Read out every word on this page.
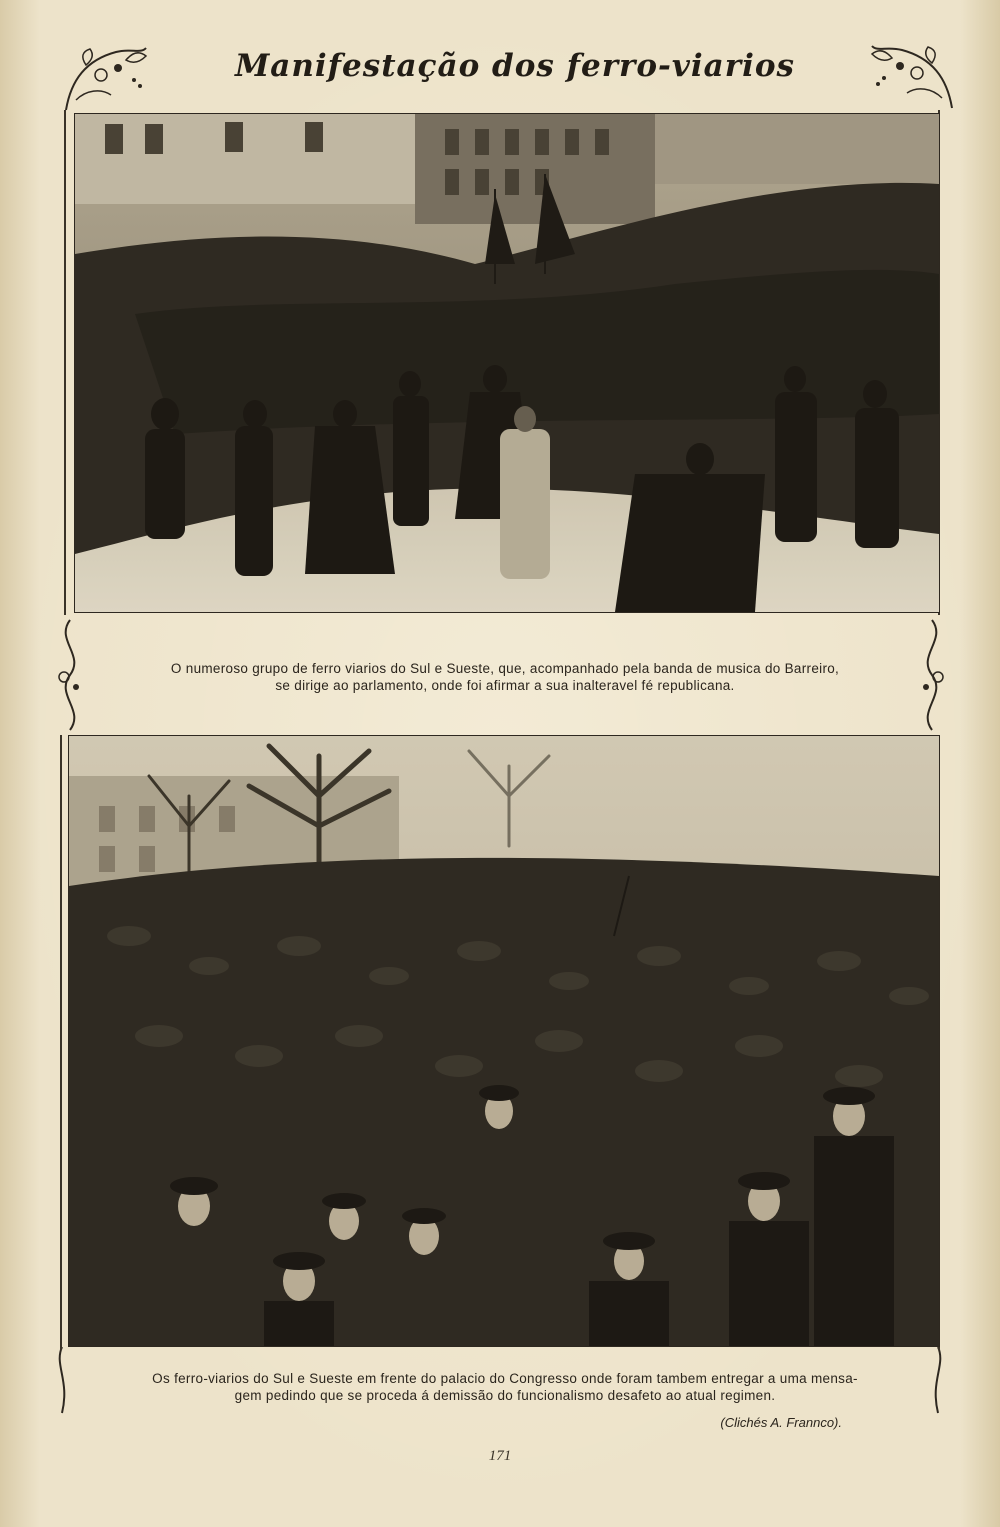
Manifestação dos ferro-viarios
O numeroso grupo de ferro viarios do Sul e Sueste, que, acompanhado pela banda de musica do Barreiro,
se dirige ao parlamento, onde foi afirmar a sua inalteravel fé republicana.
Os ferro-viarios do Sul e Sueste em frente do palacio do Congresso onde foram tambem entregar a uma mensa-
gem pedindo que se proceda á demissão do funcionalismo desafeto ao atual regimen.
(Clichés A. Frannco).
171
